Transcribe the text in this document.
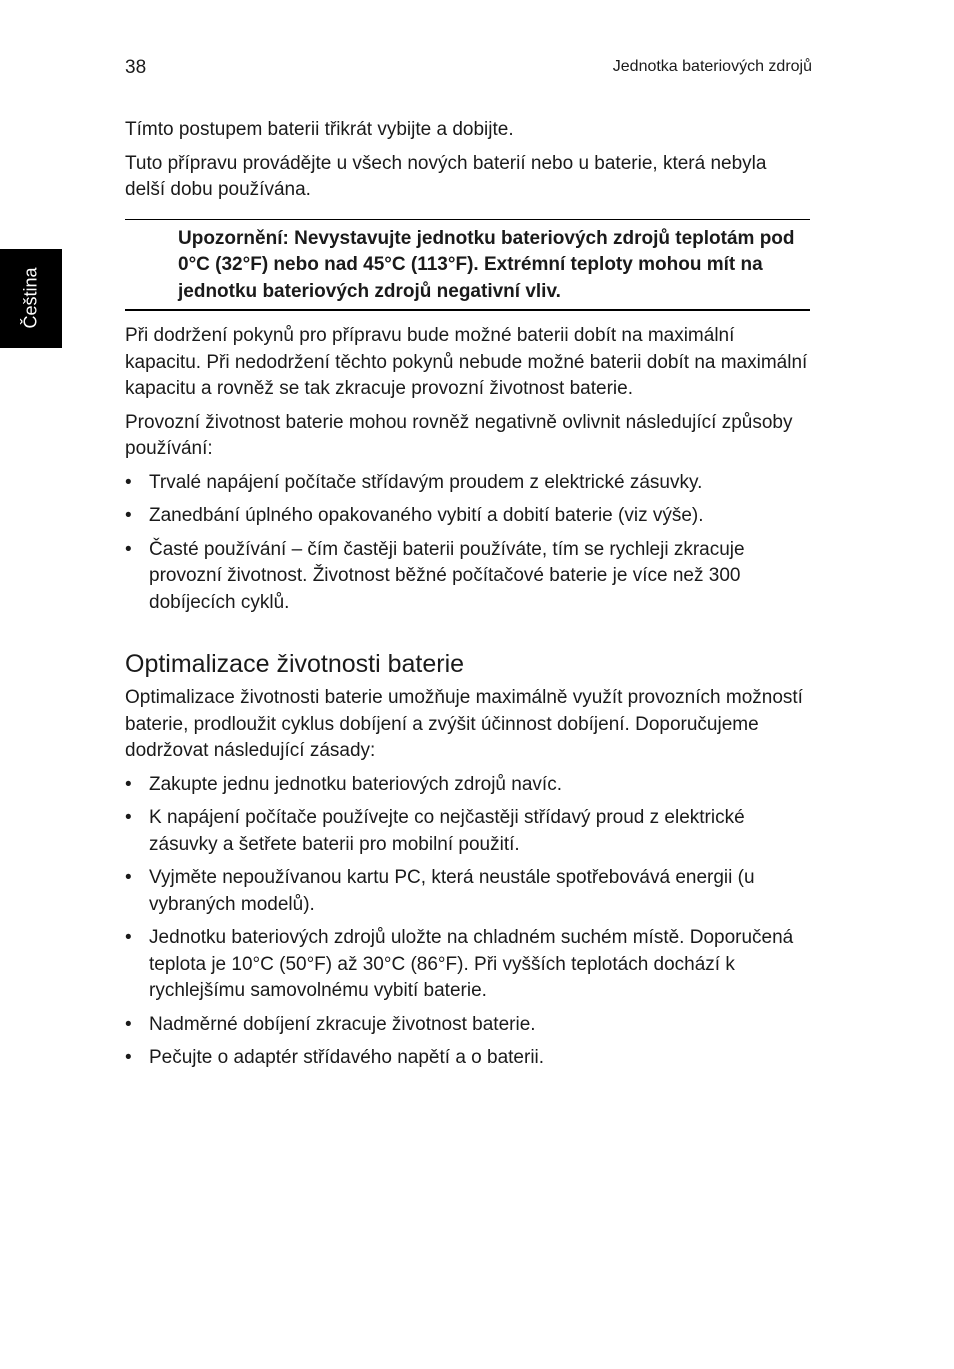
38	Jednotka bateriových zdrojů
Čeština

Tímto postupem baterii třikrát vybijte a dobijte.

Tuto přípravu provádějte u všech nových baterií nebo u baterie, která nebyla delší dobu používána.

Upozornění: Nevystavujte jednotku bateriových zdrojů teplotám pod 0°C (32°F) nebo nad 45°C (113°F). Extrémní teploty mohou mít na jednotku bateriových zdrojů negativní vliv.

Při dodržení pokynů pro přípravu bude možné baterii dobít na maximální kapacitu. Při nedodržení těchto pokynů nebude možné baterii dobít na maximální kapacitu a rovněž se tak zkracuje provozní životnost baterie.

Provozní životnost baterie mohou rovněž negativně ovlivnit následující způsoby používání:

• Trvalé napájení počítače střídavým proudem z elektrické zásuvky.
• Zanedbání úplného opakovaného vybití a dobití baterie (viz výše).
• Časté používání – čím častěji baterii používáte, tím se rychleji zkracuje provozní životnost. Životnost běžné počítačové baterie je více než 300 dobíjecích cyklů.
Optimalizace životnosti baterie

Optimalizace životnosti baterie umožňuje maximálně využít provozních možností baterie, prodloužit cyklus dobíjení a zvýšit účinnost dobíjení. Doporučujeme dodržovat následující zásady:

• Zakupte jednu jednotku bateriových zdrojů navíc.
• K napájení počítače používejte co nejčastěji střídavý proud z elektrické zásuvky a šetřete baterii pro mobilní použití.
• Vyjměte nepoužívanou kartu PC, která neustále spotřebovává energii (u vybraných modelů).
• Jednotku bateriových zdrojů uložte na chladném suchém místě. Doporučená teplota je 10°C (50°F) až 30°C (86°F). Při vyšších teplotách dochází k rychlejšímu samovolnému vybití baterie.
• Nadměrné dobíjení zkracuje životnost baterie.
• Pečujte o adaptér střídavého napětí a o baterii.
